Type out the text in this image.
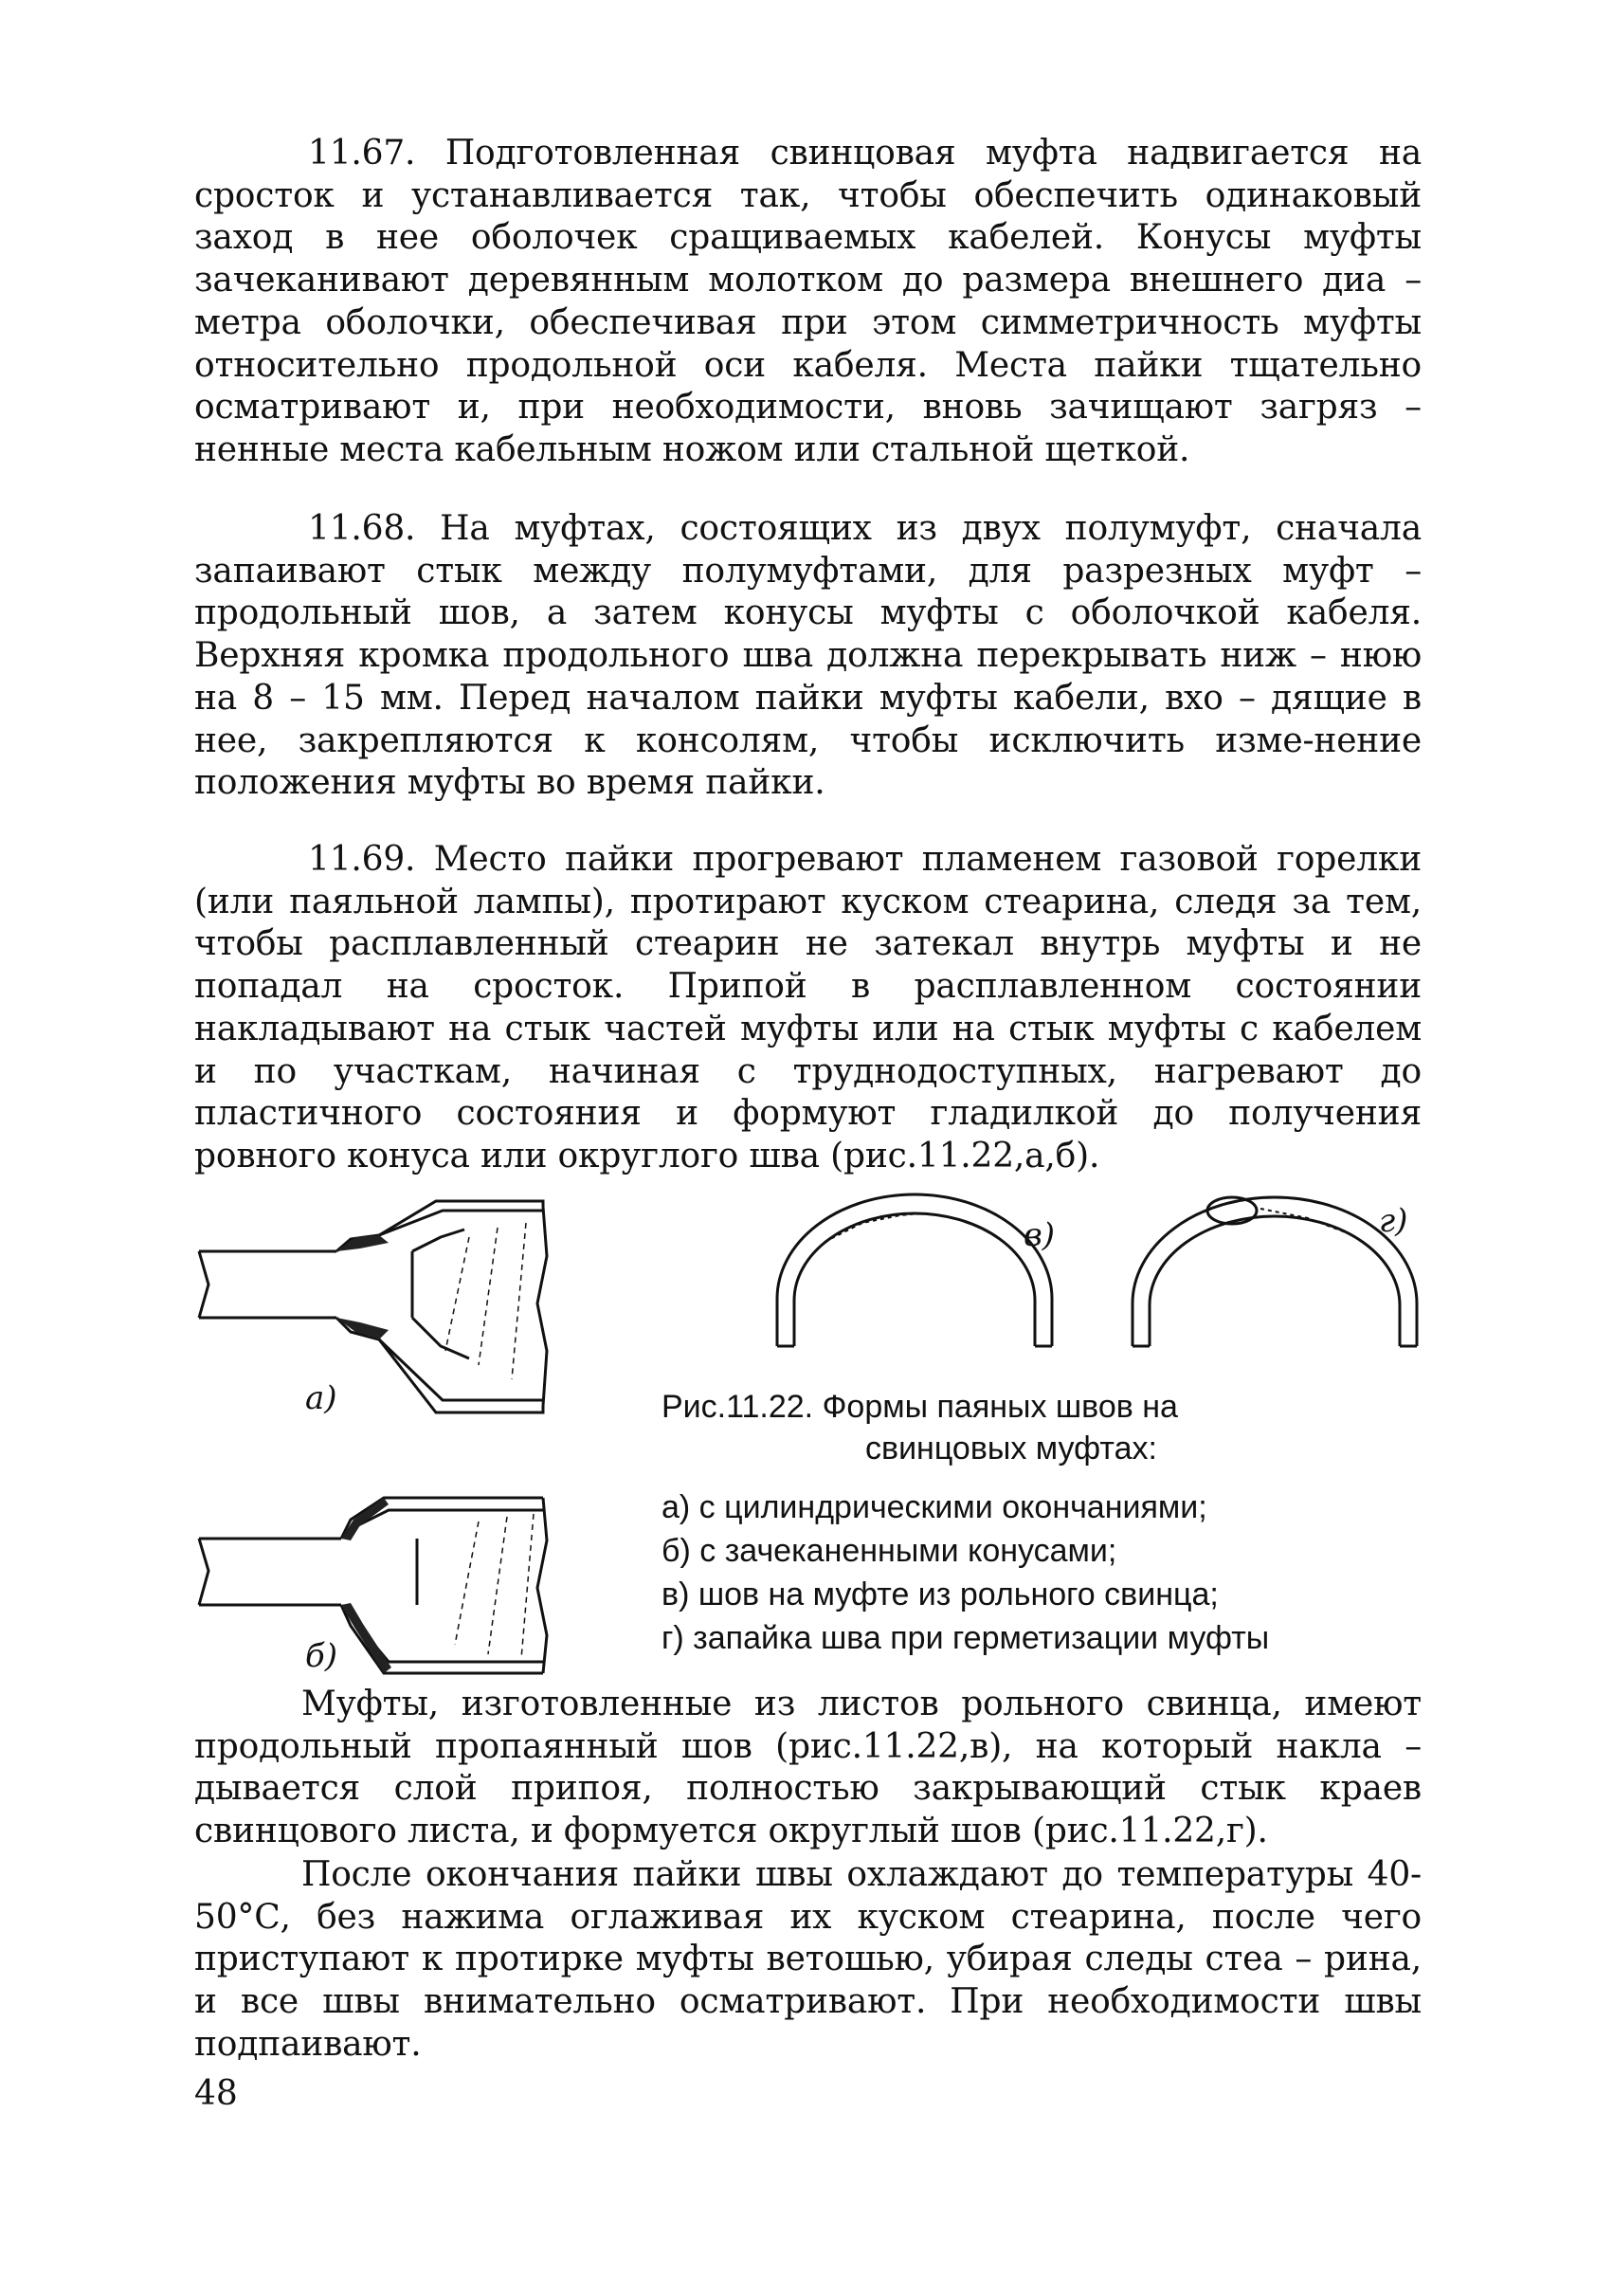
11.67. Подготовленная свинцовая муфта надвигается на сросток и устанавливается так, чтобы обеспечить одинаковый заход в нее оболочек сращиваемых кабелей. Конусы муфты зачеканивают деревянным молотком до размера внешнего диа – метра оболочки, обеспечивая при этом симметричность муфты относительно продольной оси кабеля. Места пайки тщательно осматривают и, при необходимости, вновь зачищают загряз – ненные места кабельным ножом или стальной щеткой.

11.68. На муфтах, состоящих из двух полумуфт, сначала запаивают стык между полумуфтами, для разрезных муфт – продольный шов, а затем конусы муфты с оболочкой кабеля. Верхняя кромка продольного шва должна перекрывать ниж – нюю на 8 – 15 мм. Перед началом пайки муфты кабели, вхо – дящие в нее, закрепляются к консолям, чтобы исключить изме-нение положения муфты во время пайки.

11.69. Место пайки прогревают пламенем газовой горелки (или паяльной лампы), протирают куском стеарина, следя за тем, чтобы расплавленный стеарин не затекал внутрь муфты и не попадал на сросток. Припой в расплавленном состоянии накладывают на стык частей муфты или на стык муфты с кабелем и по участкам, начиная с труднодоступных, нагревают до пластичного состояния и формуют гладилкой до получения ровного конуса или округлого шва (рис.11.22,а,б).

а)
б)
в)	г)
Рис.11.22. Формы паяных швов на
свинцовых муфтах:
а) с цилиндрическими окончаниями;
б) с зачеканенными конусами;
в) шов на муфте из рольного свинца;
г) запайка шва при герметизации муфты

Муфты, изготовленные из листов рольного свинца, имеют продольный пропаянный шов (рис.11.22,в), на который накла – дывается слой припоя, полностью закрывающий стык краев свинцового листа, и формуется округлый шов (рис.11.22,г).

После окончания пайки швы охлаждают до температуры 40-50°С, без нажима оглаживая их куском стеарина, после чего приступают к протирке муфты ветошью, убирая следы стеа – рина, и все швы внимательно осматривают. При необходимости швы подпаивают.

48
